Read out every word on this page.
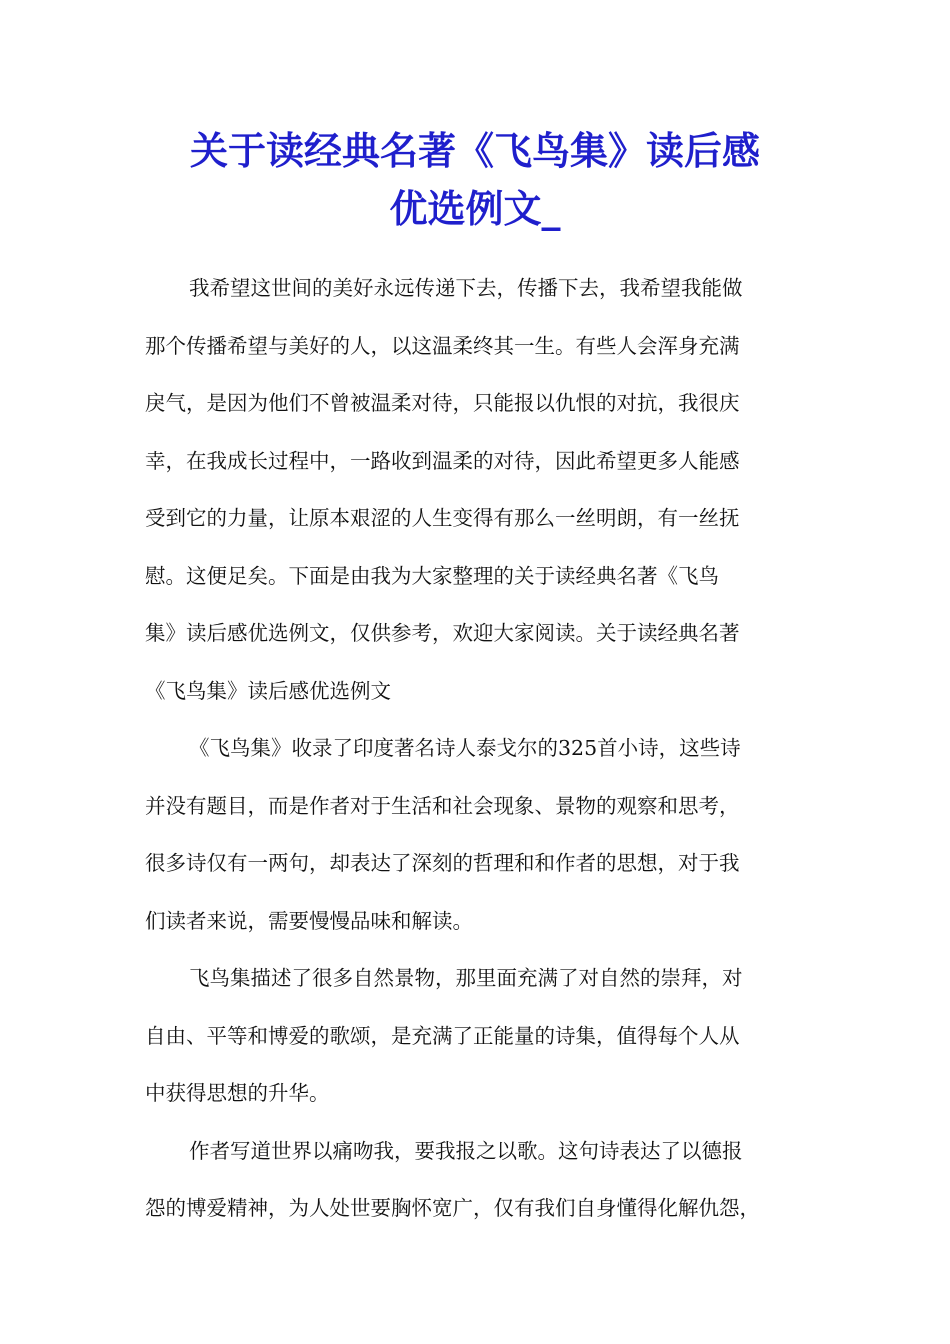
关于读经典名著《飞鸟集》读后感
优选例文_
我希望这世间的美好永远传递下去，传播下去，我希望我能做
那个传播希望与美好的人，以这温柔终其一生。有些人会浑身充满
戾气，是因为他们不曾被温柔对待，只能报以仇恨的对抗，我很庆
幸，在我成长过程中，一路收到温柔的对待，因此希望更多人能感
受到它的力量，让原本艰涩的人生变得有那么一丝明朗，有一丝抚
慰。这便足矣。下面是由我为大家整理的关于读经典名著《飞鸟
集》读后感优选例文，仅供参考，欢迎大家阅读。关于读经典名著
《飞鸟集》读后感优选例文
《飞鸟集》收录了印度著名诗人泰戈尔的325首小诗，这些诗
并没有题目，而是作者对于生活和社会现象、景物的观察和思考，
很多诗仅有一两句，却表达了深刻的哲理和和作者的思想，对于我
们读者来说，需要慢慢品味和解读。
飞鸟集描述了很多自然景物，那里面充满了对自然的崇拜，对
自由、平等和博爱的歌颂，是充满了正能量的诗集，值得每个人从
中获得思想的升华。
作者写道世界以痛吻我，要我报之以歌。这句诗表达了以德报
怨的博爱精神，为人处世要胸怀宽广，仅有我们自身懂得化解仇怨，
